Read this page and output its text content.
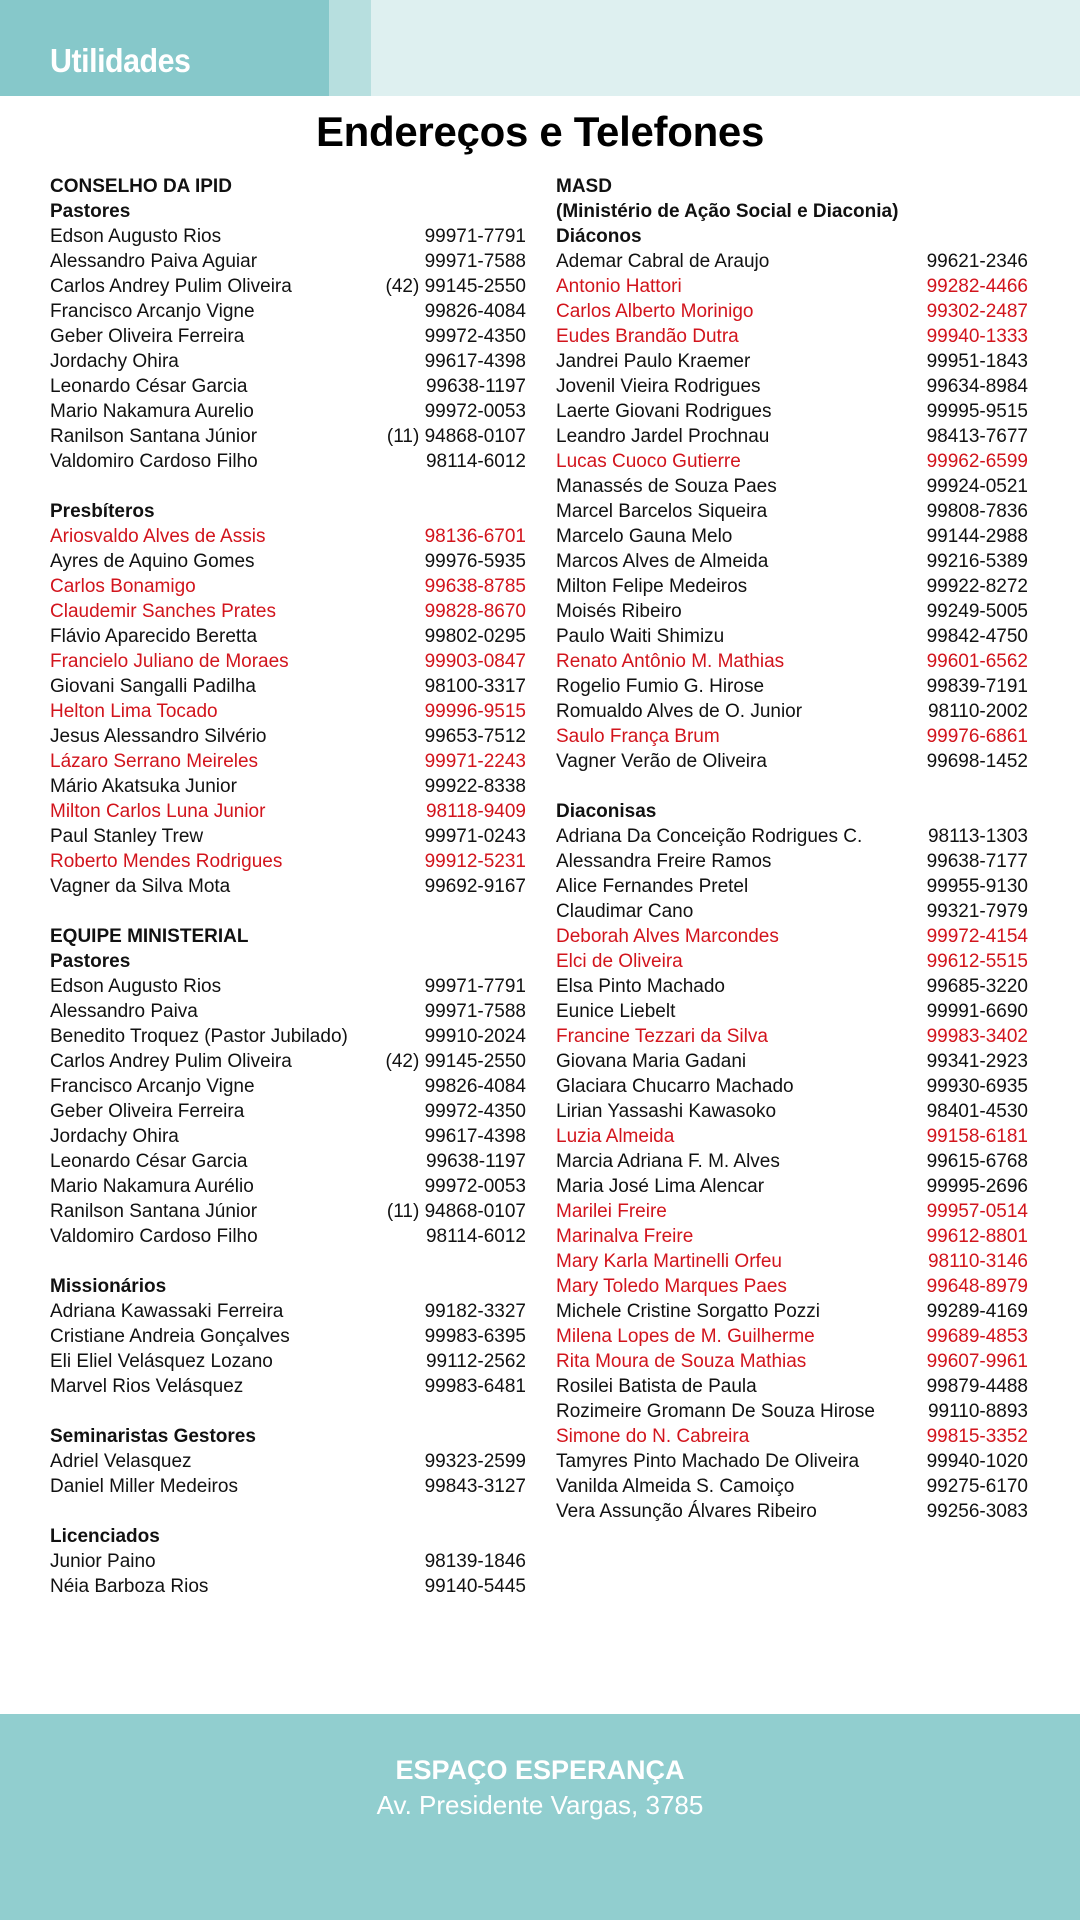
Utilidades
Endereços e Telefones
CONSELHO DA IPID
Pastores
Edson Augusto Rios	99971-7791
Alessandro Paiva Aguiar	99971-7588
Carlos Andrey Pulim Oliveira	(42) 99145-2550
Francisco Arcanjo Vigne	99826-4084
Geber Oliveira Ferreira	99972-4350
Jordachy Ohira	99617-4398
Leonardo César Garcia	99638-1197
Mario Nakamura Aurelio	99972-0053
Ranilson Santana Júnior	(11) 94868-0107
Valdomiro Cardoso Filho	98114-6012
Presbíteros
Ariosvaldo Alves de Assis	98136-6701
Ayres de Aquino Gomes	99976-5935
Carlos Bonamigo	99638-8785
Claudemir Sanches Prates	99828-8670
Flávio Aparecido Beretta	99802-0295
Francielo Juliano de Moraes	99903-0847
Giovani Sangalli Padilha	98100-3317
Helton Lima Tocado	99996-9515
Jesus Alessandro Silvério	99653-7512
Lázaro Serrano Meireles	99971-2243
Mário Akatsuka Junior	99922-8338
Milton Carlos Luna Junior	98118-9409
Paul Stanley Trew	99971-0243
Roberto Mendes Rodrigues	99912-5231
Vagner da Silva Mota	99692-9167
EQUIPE MINISTERIAL
Pastores
Edson Augusto Rios	99971-7791
Alessandro Paiva	99971-7588
Benedito Troquez (Pastor Jubilado)	99910-2024
Carlos Andrey Pulim Oliveira	(42) 99145-2550
Francisco Arcanjo Vigne	99826-4084
Geber Oliveira Ferreira	99972-4350
Jordachy Ohira	99617-4398
Leonardo César Garcia	99638-1197
Mario Nakamura Aurélio	99972-0053
Ranilson Santana Júnior	(11) 94868-0107
Valdomiro Cardoso Filho	98114-6012
Missionários
Adriana Kawassaki Ferreira	99182-3327
Cristiane Andreia Gonçalves	99983-6395
Eli Eliel Velásquez Lozano	99112-2562
Marvel Rios Velásquez	99983-6481
Seminaristas Gestores
Adriel Velasquez	99323-2599
Daniel Miller Medeiros	99843-3127
Licenciados
Junior Paino	98139-1846
Néia Barboza Rios	99140-5445
MASD
(Ministério de Ação Social e Diaconia)
Diáconos
Ademar Cabral de Araujo	99621-2346
Antonio Hattori	99282-4466
Carlos Alberto Morinigo	99302-2487
Eudes Brandão Dutra	99940-1333
Jandrei Paulo Kraemer	99951-1843
Jovenil Vieira Rodrigues	99634-8984
Laerte Giovani Rodrigues	99995-9515
Leandro Jardel Prochnau	98413-7677
Lucas Cuoco Gutierre	99962-6599
Manassés de Souza Paes	99924-0521
Marcel Barcelos Siqueira	99808-7836
Marcelo Gauna Melo	99144-2988
Marcos Alves de Almeida	99216-5389
Milton Felipe Medeiros	99922-8272
Moisés Ribeiro	99249-5005
Paulo Waiti Shimizu	99842-4750
Renato Antônio M. Mathias	99601-6562
Rogelio Fumio G. Hirose	99839-7191
Romualdo Alves de O. Junior	98110-2002
Saulo França Brum	99976-6861
Vagner Verão de Oliveira	99698-1452
Diaconisas
Adriana Da Conceição Rodrigues C.	98113-1303
Alessandra Freire Ramos	99638-7177
Alice Fernandes Pretel	99955-9130
Claudimar Cano	99321-7979
Deborah Alves Marcondes	99972-4154
Elci de Oliveira	99612-5515
Elsa Pinto Machado	99685-3220
Eunice Liebelt	99991-6690
Francine Tezzari da Silva	99983-3402
Giovana Maria Gadani	99341-2923
Glaciara Chucarro Machado	99930-6935
Lirian Yassashi Kawasoko	98401-4530
Luzia Almeida	99158-6181
Marcia Adriana F. M. Alves	99615-6768
Maria José Lima Alencar	99995-2696
Marilei Freire	99957-0514
Marinalva Freire	99612-8801
Mary Karla Martinelli Orfeu	98110-3146
Mary Toledo Marques Paes	99648-8979
Michele Cristine Sorgatto Pozzi	99289-4169
Milena Lopes de M. Guilherme	99689-4853
Rita Moura de Souza Mathias	99607-9961
Rosilei Batista de Paula	99879-4488
Rozimeire Gromann De Souza Hirose	99110-8893
Simone do N. Cabreira	99815-3352
Tamyres Pinto Machado De Oliveira	99940-1020
Vanilda Almeida S. Camoiço	99275-6170
Vera Assunção Álvares Ribeiro	99256-3083
ESPAÇO ESPERANÇA
Av. Presidente Vargas, 3785
